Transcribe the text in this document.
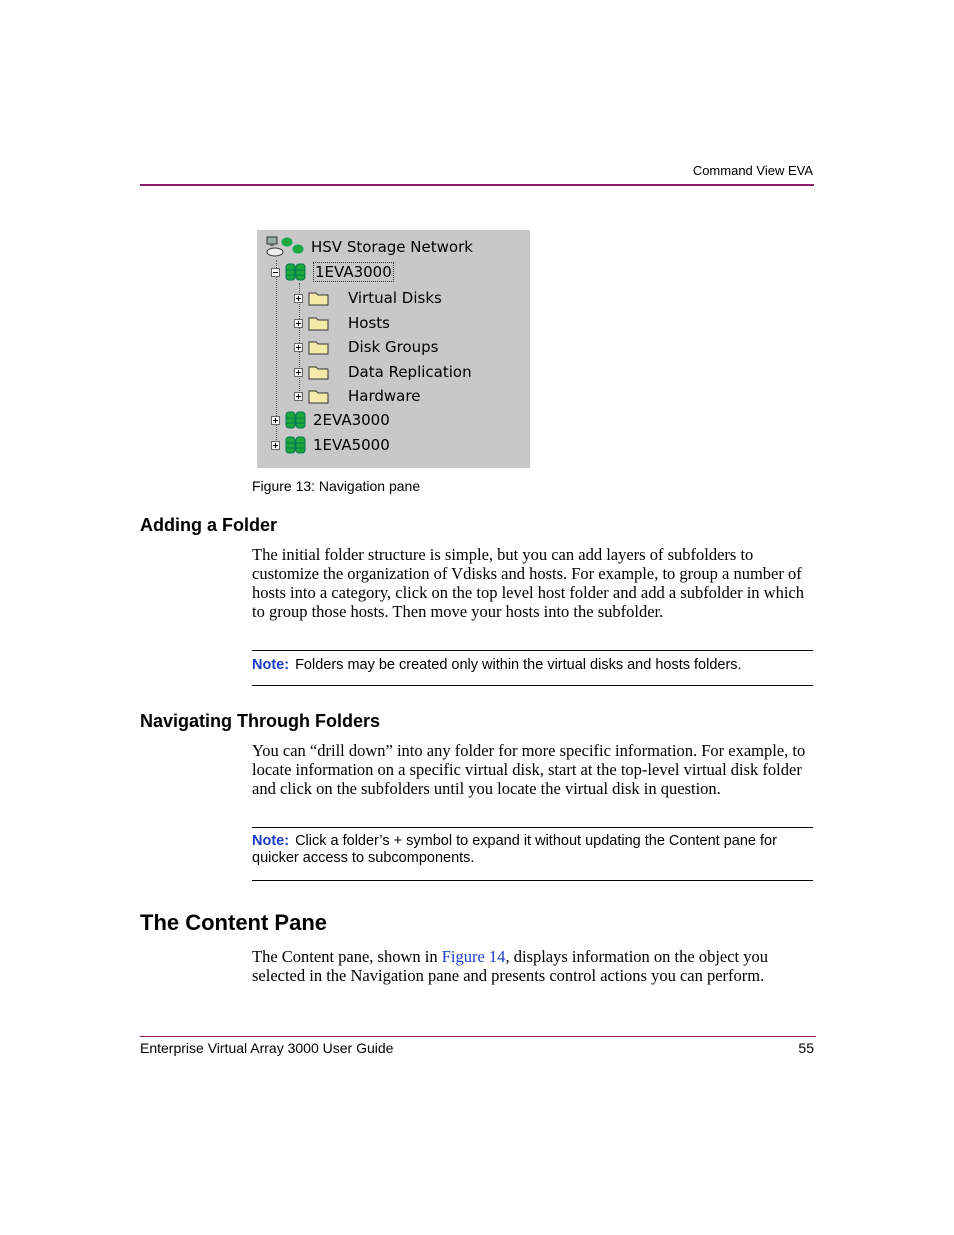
Command View EVA
HSV Storage Network
1EVA3000
Virtual Disks
Hosts
Disk Groups
Data Replication
Hardware
2EVA3000
1EVA5000
Figure 13: Navigation pane
Adding a Folder

The initial folder structure is simple, but you can add layers of subfolders to customize the organization of Vdisks and hosts. For example, to group a number of hosts into a category, click on the top level host folder and add a subfolder in which to group those hosts. Then move your hosts into the subfolder.

Note: Folders may be created only within the virtual disks and hosts folders.
Navigating Through Folders

You can “drill down” into any folder for more specific information. For example, to locate information on a specific virtual disk, start at the top-level virtual disk folder and click on the subfolders until you locate the virtual disk in question.

Note: Click a folder’s + symbol to expand it without updating the Content pane for quicker access to subcomponents.
The Content Pane

The Content pane, shown in Figure 14, displays information on the object you selected in the Navigation pane and presents control actions you can perform.

Enterprise Virtual Array 3000 User Guide	55
